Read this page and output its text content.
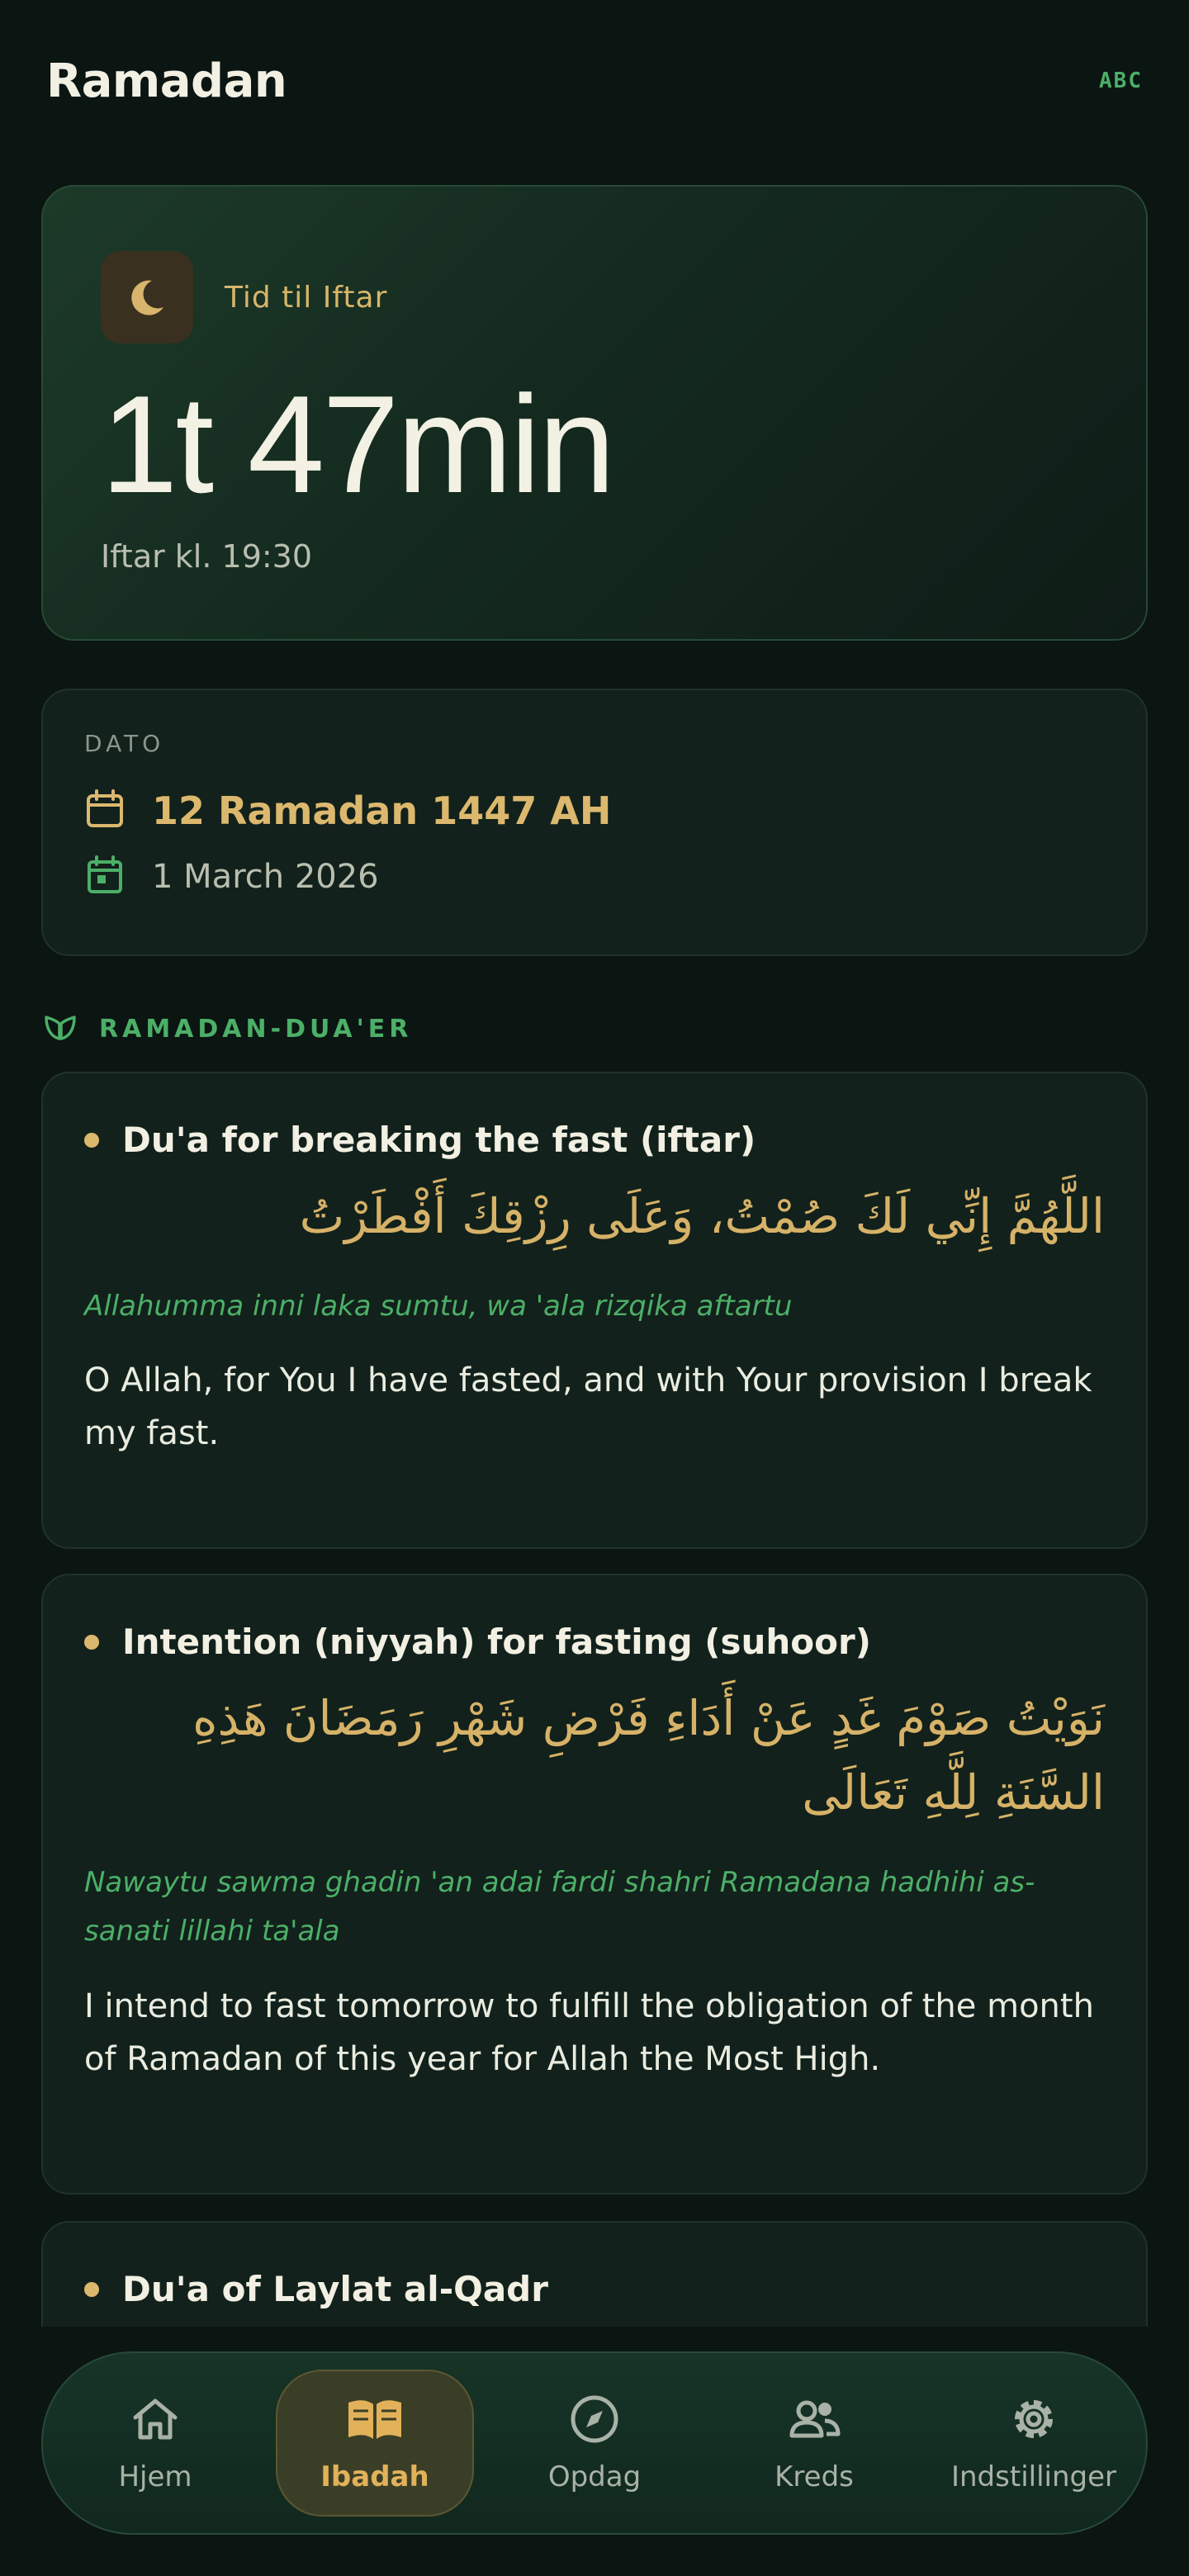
Ramadan	ABC
Tid til Iftar
1t 47min
Iftar kl. 19:30
DATO
12 Ramadan 1447 AH
1 March 2026
RAMADAN-DUA'ER
Du'a for breaking the fast (iftar)
اللَّهُمَّ إِنِّي لَكَ صُمْتُ، وَعَلَى رِزْقِكَ أَفْطَرْتُ
Allahumma inni laka sumtu, wa 'ala rizqika aftartu
O Allah, for You I have fasted, and with Your provision I break my fast.
Intention (niyyah) for fasting (suhoor)
نَوَيْتُ صَوْمَ غَدٍ عَنْ أَدَاءِ فَرْضِ شَهْرِ رَمَضَانَ هَذِهِ السَّنَةِ لِلَّهِ تَعَالَى
Nawaytu sawma ghadin 'an adai fardi shahri Ramadana hadhihi as-sanati lillahi ta'ala
I intend to fast tomorrow to fulfill the obligation of the month of Ramadan of this year for Allah the Most High.
Du'a of Laylat al-Qadr
Hjem	Ibadah	Opdag	Kreds	Indstillinger
